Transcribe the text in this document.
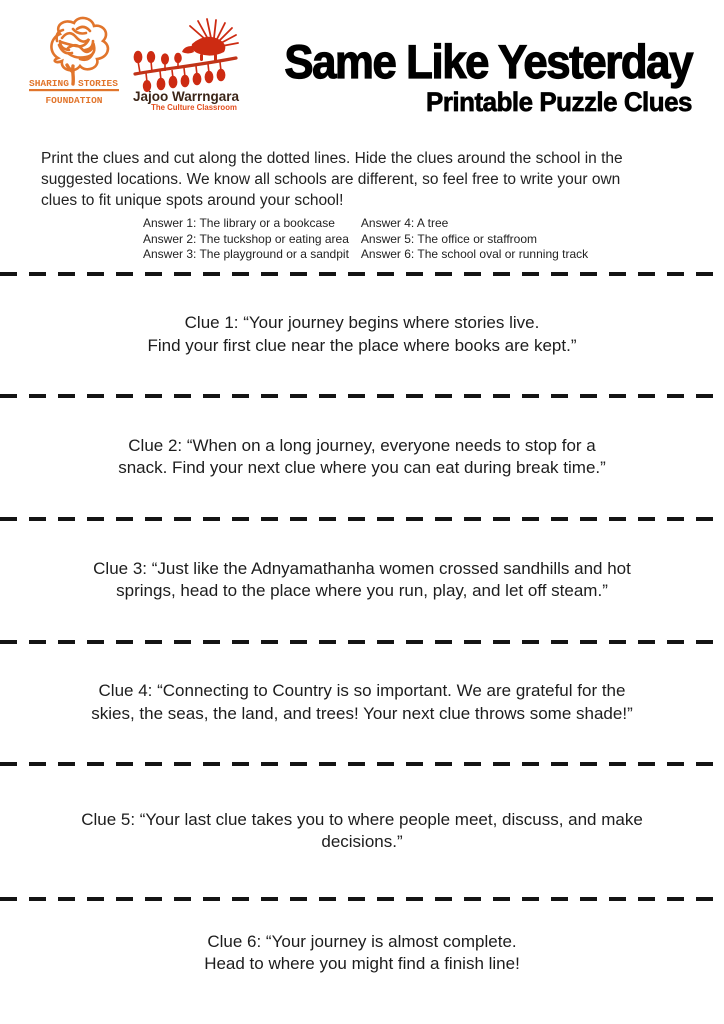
SHARING STORIES
FOUNDATION Jajoo Warrngara
The Culture Classroom
Same Like Yesterday
Printable Puzzle Clues
Print the clues and cut along the dotted lines. Hide the clues around the school in the
suggested locations. We know all schools are different, so feel free to write your own
clues to fit unique spots around your school!
Answer 1: The library or a bookcase
Answer 2: The tuckshop or eating area
Answer 3: The playground or a sandpit
Answer 4: A tree
Answer 5: The office or staffroom
Answer 6: The school oval or running track
Clue 1: “Your journey begins where stories live.
Find your first clue near the place where books are kept.”
Clue 2: “When on a long journey, everyone needs to stop for a
snack. Find your next clue where you can eat during break time.”
Clue 3: “Just like the Adnyamathanha women crossed sandhills and hot
springs, head to the place where you run, play, and let off steam.”
Clue 4: “Connecting to Country is so important. We are grateful for the
skies, the seas, the land, and trees! Your next clue throws some shade!”
Clue 5: “Your last clue takes you to where people meet, discuss, and make
decisions.”
Clue 6: “Your journey is almost complete.
Head to where you might find a finish line!
